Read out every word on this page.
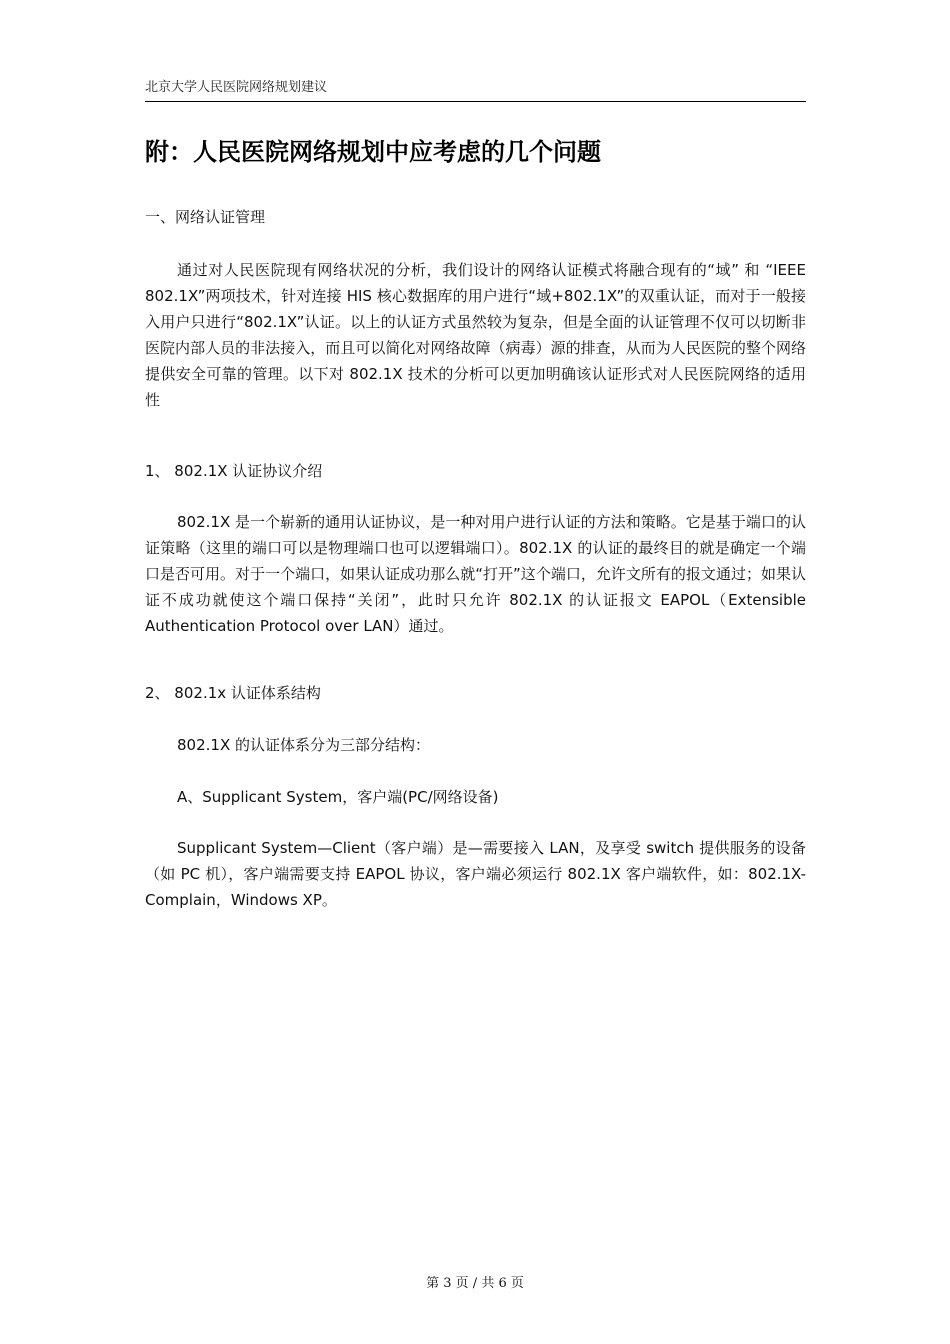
北京大学人民医院网络规划建议
附：人民医院网络规划中应考虑的几个问题

一、网络认证管理

通过对人民医院现有网络状况的分析，我们设计的网络认证模式将融合现有的“域” 和 “IEEE 802.1X”两项技术，针对连接 HIS 核心数据库的用户进行“域+802.1X”的双重认证，而对于一般接入用户只进行“802.1X”认证。以上的认证方式虽然较为复杂，但是全面的认证管理不仅可以切断非医院内部人员的非法接入，而且可以简化对网络故障（病毒）源的排查，从而为人民医院的整个网络提供安全可靠的管理。以下对 802.1X 技术的分析可以更加明确该认证形式对人民医院网络的适用性

1、 802.1X 认证协议介绍

802.1X 是一个崭新的通用认证协议，是一种对用户进行认证的方法和策略。它是基于端口的认证策略（这里的端口可以是物理端口也可以逻辑端口）。802.1X 的认证的最终目的就是确定一个端口是否可用。对于一个端口，如果认证成功那么就“打开”这个端口，允许文所有的报文通过；如果认证不成功就使这个端口保持“关闭”，此时只允许 802.1X 的认证报文 EAPOL（Extensible Authentication Protocol over LAN）通过。

2、 802.1x 认证体系结构

802.1X 的认证体系分为三部分结构：

A、Supplicant System，客户端(PC/网络设备)

Supplicant System—Client（客户端）是—需要接入 LAN，及享受 switch 提供服务的设备（如 PC 机），客户端需要支持 EAPOL 协议，客户端必须运行 802.1X 客户端软件，如：802.1X-Complain，Windows XP。

第 3 页 / 共 6 页
